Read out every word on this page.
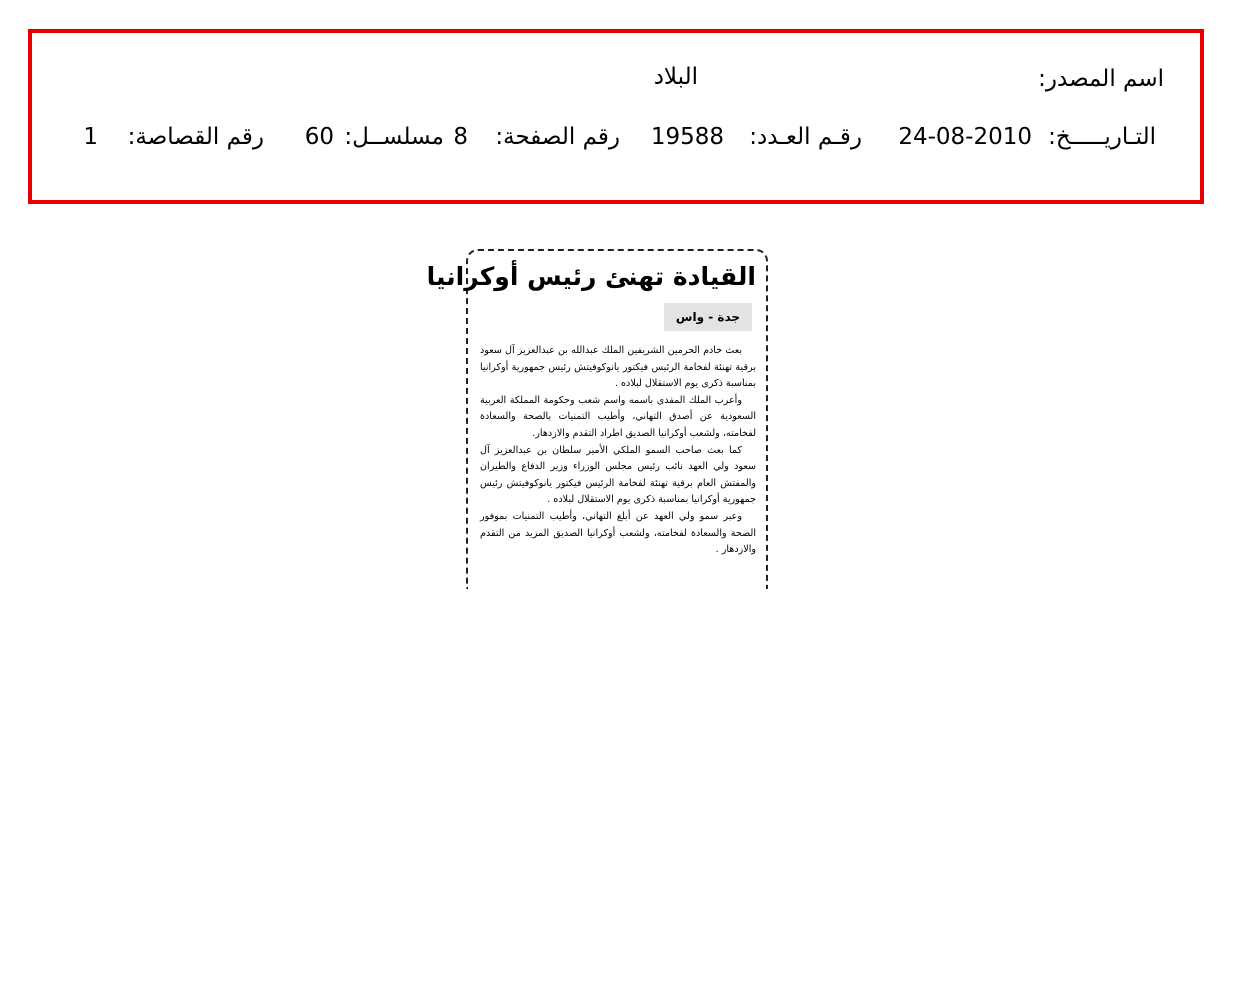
اسم المصدر:
البلاد
التـاريـــــخ:
24-08-2010
رقـم العـدد:
19588
رقم الصفحة:
8
مسلســل:
60
رقم القصاصة:
1
القيادة تهنئ رئيس أوكرانيا
جدة - واس

بعث خادم الحرمين الشريفين الملك عبدالله بن عبدالعزيز آل سعود برقية تهنئة لفخامة الرئيس فيكتور يانوكوفيتش رئيس جمهورية أوكرانيا بمناسبة ذكرى يوم الاستقلال لبلاده .

وأعرب الملك المفدى باسمه واسم شعب وحكومة المملكة العربية السعودية عن أصدق التهاني، وأطيب التمنيات بالصحة والسعادة لفخامته، ولشعب أوكرانيا الصديق اطراد التقدم والازدهار.

كما بعث صاحب السمو الملكي الأمير سلطان بن عبدالعزيز آل سعود ولي العهد نائب رئيس مجلس الوزراء وزير الدفاع والطيران والمفتش العام برقية تهنئة لفخامة الرئيس فيكتور يانوكوفيتش رئيس جمهورية أوكرانيا بمناسبة ذكرى يوم الاستقلال لبلاده .

وعبر سمو ولي العهد عن أبلغ التهاني، وأطيب التمنيات بموفور الصحة والسعادة لفخامته، ولشعب أوكرانيا الصديق المزيد من التقدم والازدهار .
